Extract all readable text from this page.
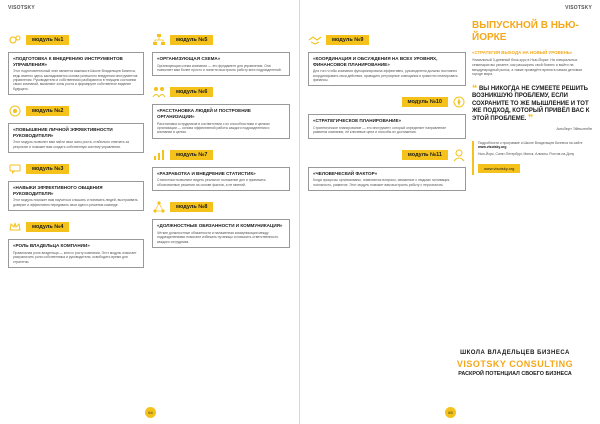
VISOTSKY
модуль №1
«ПОДГОТОВКА К ВНЕДРЕНИЮ ИНСТРУМЕНТОВ УПРАВЛЕНИЯ»
Этот подготовительный этап является важным в Школе Владельцев Бизнеса, ведь именно здесь закладывается основа успешного внедрения инструментов управления. Руководители и собственники разбираются в текущем состоянии своих компаний, выявляют зоны роста и формируют собственное видение будущего.
модуль №2
«ПОВЫШЕНИЕ ЛИЧНОЙ ЭФФЕКТИВНОСТИ РУКОВОДИТЕЛЯ»
Этот модуль позволит вам найти свои зоны роста, стабильно отвечать за результат и поможет вам создать собственную систему управления.
модуль №3
«НАВЫКИ ЭФФЕКТИВНОГО ОБЩЕНИЯ РУКОВОДИТЕЛЯ»
Этот модуль поможет вам научиться слышать и понимать людей, выстраивать доверие и эффективно передавать свои идеи и решения команде.
модуль №4
«РОЛЬ ВЛАДЕЛЬЦА КОМПАНИИ»
Правильная роль владельца — ключ к росту компании. Этот модуль помогает разграничить роли собственника и руководителя, освободить время для стратегии.
модуль №5
«ОРГАНИЗУЮЩАЯ СХЕМА»
Организующая схема компании — это фундамент для управления. Она позволяет вам более просто и понятно выстроить работу всех подразделений.
модуль №6
«РАССТАНОВКА ЛЮДЕЙ И ПОСТРОЕНИЕ ОРГАНИЗАЦИИ»
Расстановка сотрудников в соответствии с их способностями и целями организации — основа эффективной работы каждого подразделения и компании в целом.
модуль №7
«РАЗРАБОТКА И ВНЕДРЕНИЕ СТАТИСТИК»
Статистики позволяют видеть реальное положение дел и принимать обоснованные решения на основе фактов, а не мнений.
модуль №8
«ДОЛЖНОСТНЫЕ ОБЯЗАННОСТИ И КОММУНИКАЦИЯ»
Чёткие должностные обязанности и налаженная коммуникация между подразделениями помогают избежать путаницы и повысить ответственность каждого сотрудника.
64
VISOTSKY
модуль №9
«КООРДИНАЦИЯ И ОБСУЖДЕНИЯ НА ВСЕХ УРОВНЯХ, ФИНАНСОВОЕ ПЛАНИРОВАНИЕ»
Для того чтобы компания функционировала эффективно, руководители должны постоянно координировать свои действия, проводить регулярные совещания и грамотно планировать финансы.
модуль №10
«СТРАТЕГИЧЕСКОЕ ПЛАНИРОВАНИЕ»
Стратегическое планирование — это инструмент, который определяет направление развития компании, её ключевые цели и способы их достижения.
модуль №11
«ЧЕЛОВЕЧЕСКИЙ ФАКТОР»
Когда процессы организованы, появляются вопросы, связанные с людьми: мотивация, лояльность, развитие. Этот модуль поможет вам выстроить работу с персоналом.
ВЫПУСКНОЙ В НЬЮ-ЙОРКЕ
«СТРАТЕГИЯ ВЫХОДА НА НОВЫЙ УРОВЕНЬ»
Уникальный 3-дневный блок-курс в Нью-Йорке. На специальных семинарах вы узнаете, как расширить свой бизнес и выйти на международный рынок, а также проведёте время в самом деловом городе мира.
❝ ВЫ НИКОГДА НЕ СУМЕЕТЕ РЕШИТЬ ВОЗНИКШУЮ ПРОБЛЕМУ, ЕСЛИ СОХРАНИТЕ ТО ЖЕ МЫШЛЕНИЕ И ТОТ ЖЕ ПОДХОД, КОТОРЫЙ ПРИВЁЛ ВАС К ЭТОЙ ПРОБЛЕМЕ. ❞
Альберт Эйнштейн
Подробности о программе и Школе Владельцев Бизнеса на сайте
www.visotsky.org
Нью-Йорк, Санкт-Петербург, Минск, Алматы, Ростов-на-Дону
www.visotsky.org
ШКОЛА ВЛАДЕЛЬЦЕВ БИЗНЕСА
VISOTSKY CONSULTING
РАСКРОЙ ПОТЕНЦИАЛ СВОЕГО БИЗНЕСА
65
